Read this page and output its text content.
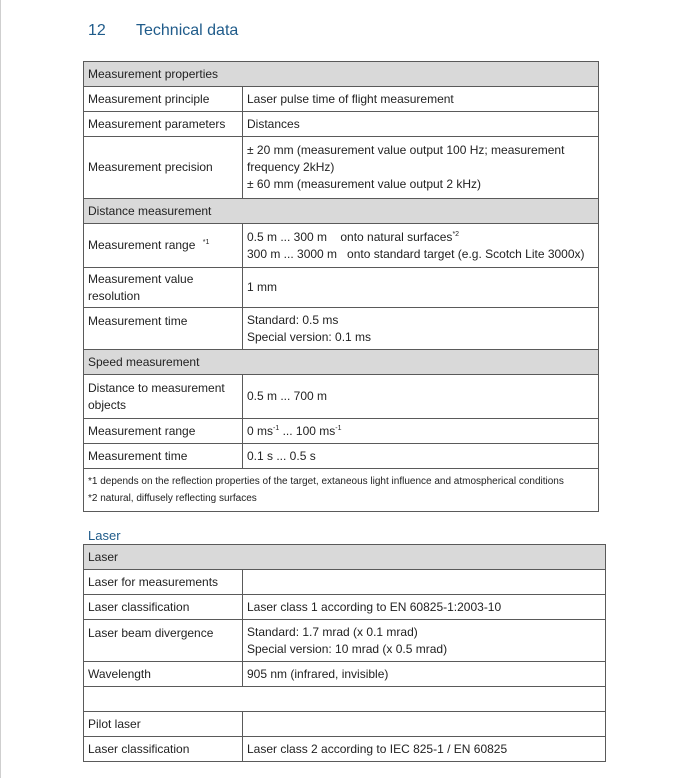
12 Technical data
Measurement properties	
Measurement principle	Laser pulse time of flight measurement
Measurement parameters	Distances
Measurement precision	± 20 mm (measurement value output 100 Hz; measurement frequency 2kHz)
± 60 mm (measurement value output 2 kHz)

Distance measurement	
Measurement range $^{*1}$	0.5 m ... 300 m    onto natural surfaces$^{*2}$
300 m ... 3000 m   onto standard target (e.g. Scotch Lite 3000x)

Measurement value resolution	1 mm
Measurement time	Standard: 0.5 ms
Special version: 0.1 ms

Speed measurement	
Distance to measurement objects	0.5 m ... 700 m
Measurement range	0 $ms^{-1}$ ... 100 $ms^{-1}$
Measurement time	0.1 s ... 0.5 s

*1 depends on the reflection properties of the target, extaneous light influence and atmospherical conditions
*2 natural, diffusely reflecting surfaces	
Laser
Laser	
Laser for measurements	
Laser classification	Laser class 1 according to EN 60825-1:2003-10
Laser beam divergence	Standard: 1.7 mrad (x 0.1 mrad)
Special version: 10 mrad (x 0.5 mrad)

Wavelength	905 nm (infrared, invisible)

Pilot laser	
Laser classification	Laser class 2 according to IEC 825-1 / EN 60825
